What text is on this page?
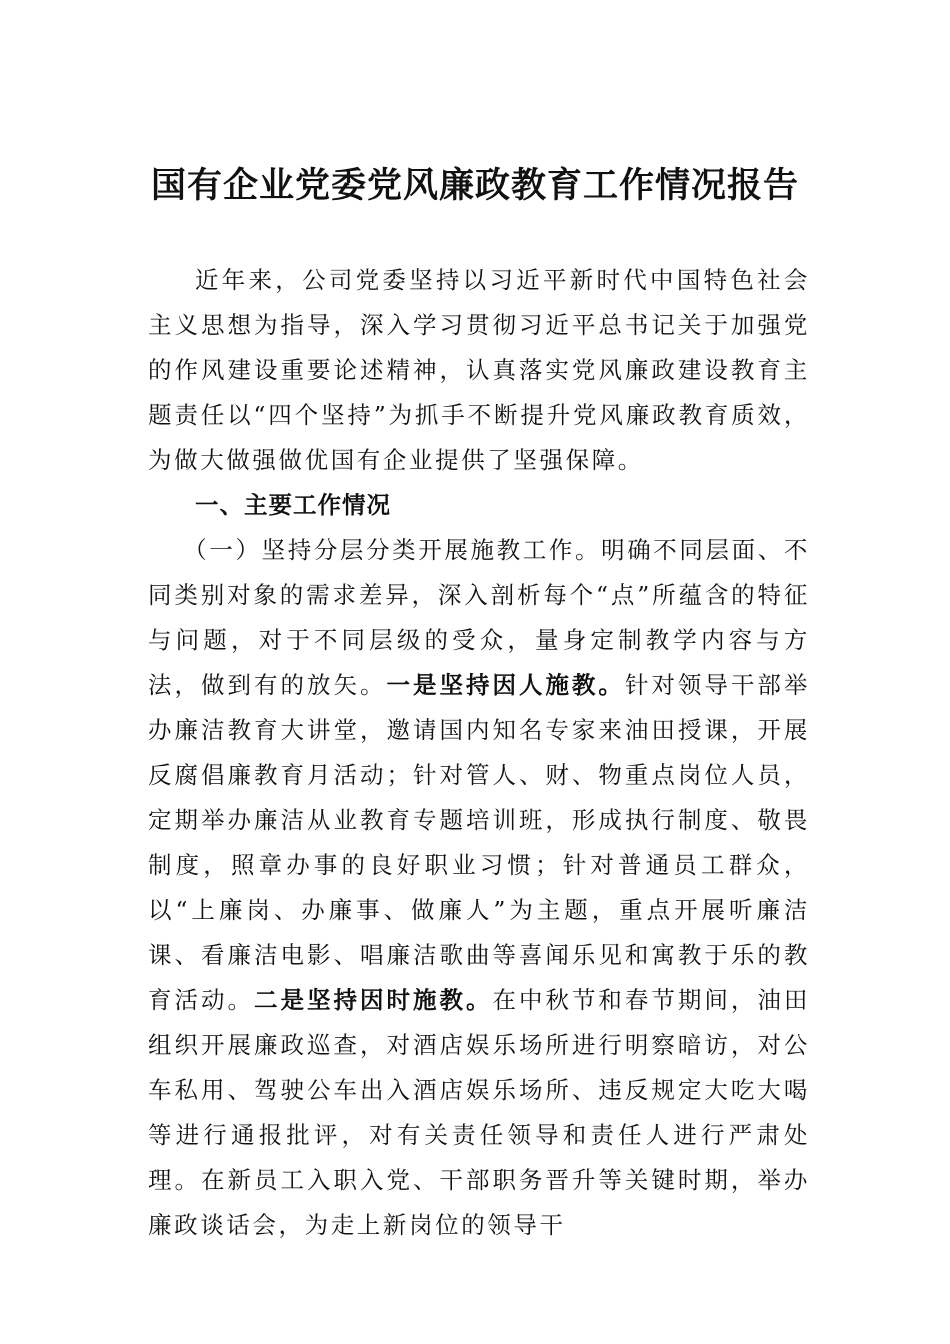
国有企业党委党风廉政教育工作情况报告

近年来，公司党委坚持以习近平新时代中国特色社会主义思想为指导，深入学习贯彻习近平总书记关于加强党的作风建设重要论述精神，认真落实党风廉政建设教育主题责任以“四个坚持”为抓手不断提升党风廉政教育质效，为做大做强做优国有企业提供了坚强保障。

一、主要工作情况

（一）坚持分层分类开展施教工作。明确不同层面、不同类别对象的需求差异，深入剖析每个“点”所蕴含的特征与问题，对于不同层级的受众，量身定制教学内容与方法，做到有的放矢。一是坚持因人施教。针对领导干部举办廉洁教育大讲堂，邀请国内知名专家来油田授课，开展反腐倡廉教育月活动；针对管人、财、物重点岗位人员，定期举办廉洁从业教育专题培训班，形成执行制度、敬畏制度，照章办事的良好职业习惯；针对普通员工群众，以“上廉岗、办廉事、做廉人”为主题，重点开展听廉洁课、看廉洁电影、唱廉洁歌曲等喜闻乐见和寓教于乐的教育活动。二是坚持因时施教。在中秋节和春节期间，油田组织开展廉政巡查，对酒店娱乐场所进行明察暗访，对公车私用、驾驶公车出入酒店娱乐场所、违反规定大吃大喝等进行通报批评，对有关责任领导和责任人进行严肃处理。在新员工入职入党、干部职务晋升等关键时期，举办廉政谈话会，为走上新岗位的领导干
